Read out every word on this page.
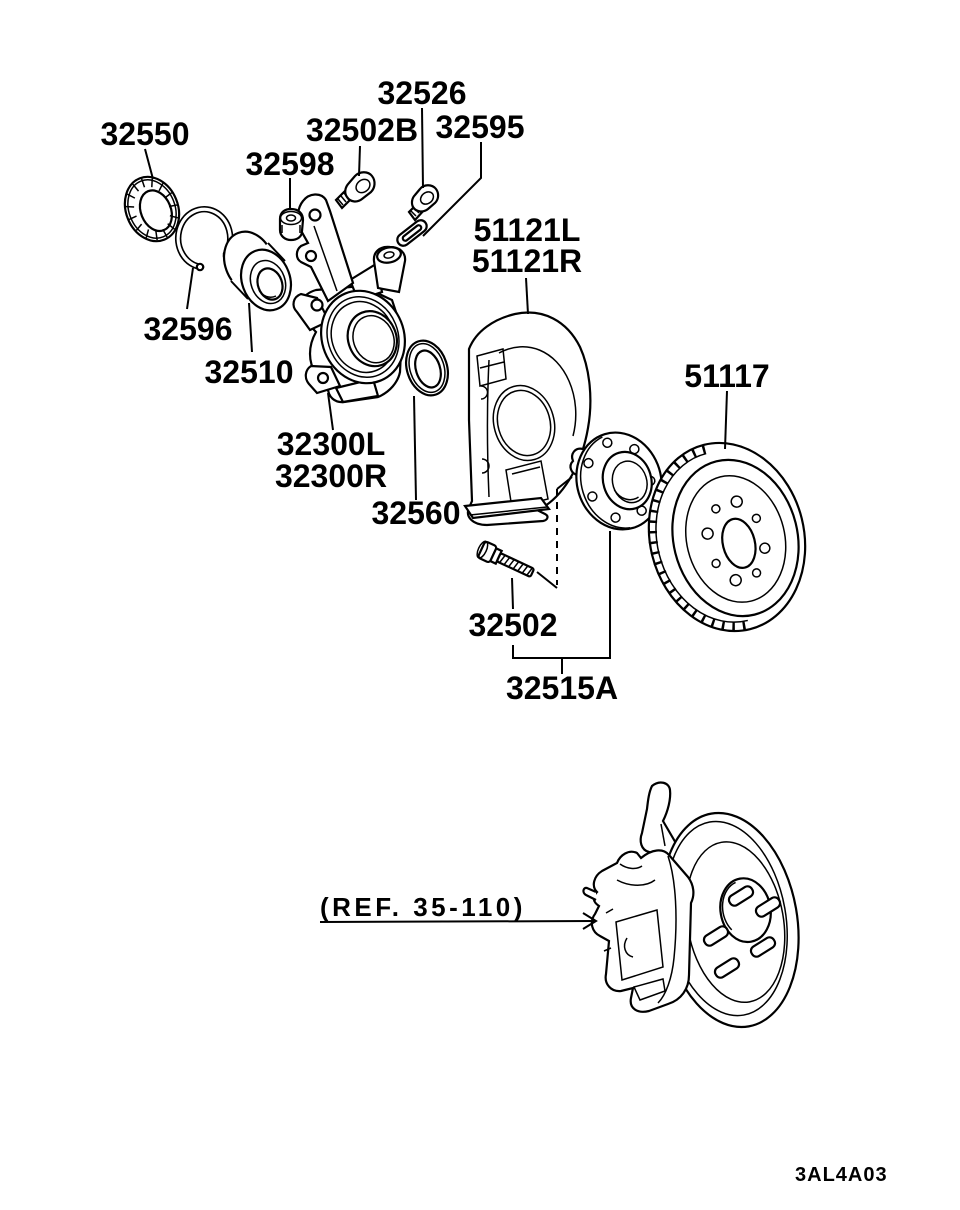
32550	32502B
32526
32595
32598
51121L
51121R
32596
32510
32300L
32300R
32560
51117
32502
32515A
(REF. 35-110)
3AL4A03
